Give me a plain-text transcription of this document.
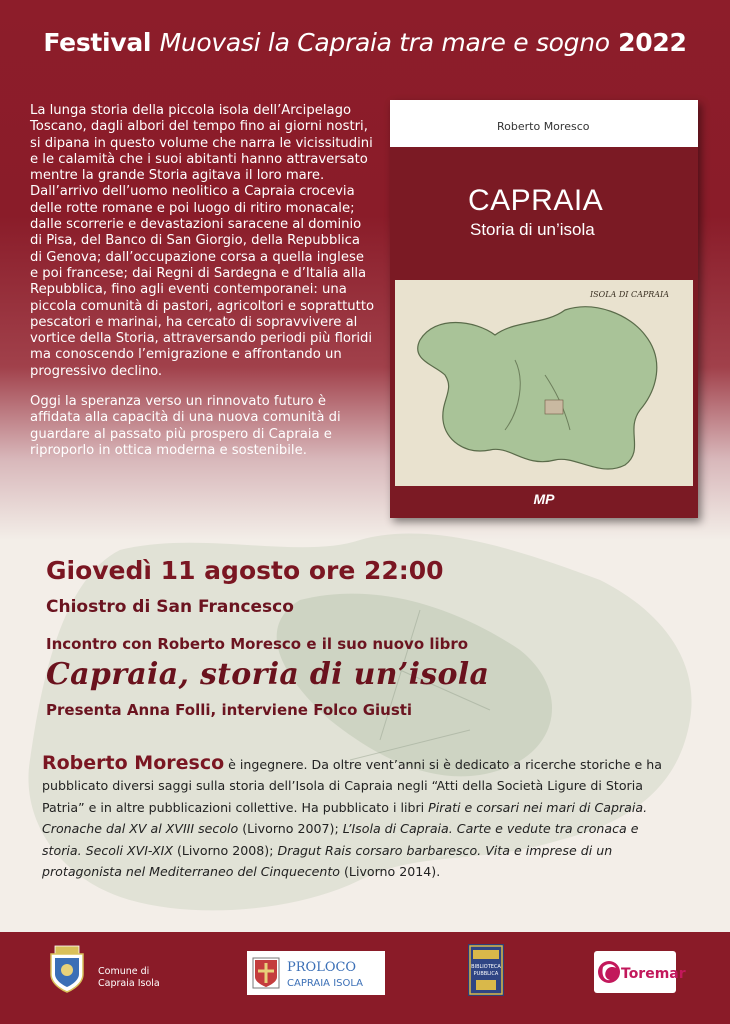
Festival Muovasi la Capraia tra mare e sogno 2022

La lunga storia della piccola isola dell’Arcipelago Toscano, dagli albori del tempo fino ai giorni nostri, si dipana in questo volume che narra le vicissitudini e le calamità che i suoi abitanti hanno attraversato mentre la grande Storia agitava il loro mare. Dall’arrivo dell’uomo neolitico a Capraia crocevia delle rotte romane e poi luogo di ritiro monacale; dalle scorrerie e devastazioni saracene al dominio di Pisa, del Banco di San Giorgio, della Repubblica di Genova; dall’occupazione corsa a quella inglese e poi francese; dai Regni di Sardegna e d’Italia alla Repubblica, fino agli eventi contemporanei: una piccola comunità di pastori, agricoltori e soprattutto pescatori e marinai, ha cercato di sopravvivere al vortice della Storia, attraversando periodi più floridi ma conoscendo l’emigrazione e affrontando un progressivo declino.

Oggi la speranza verso un rinnovato futuro è affidata alla capacità di una nuova comunità di guardare al passato più prospero di Capraia e riproporlo in ottica moderna e sostenibile.

Roberto Moresco
CAPRAIA
Storia di un’isola
ISOLA DI CAPRAIA
MP
Giovedì 11 agosto ore 22:00
Chiostro di San Francesco
Incontro con Roberto Moresco e il suo nuovo libro
Capraia, storia di un’isola
Presenta Anna Folli, interviene Folco Giusti
Roberto Moresco è ingegnere. Da oltre vent’anni si è dedicato a ricerche storiche e ha pubblicato diversi saggi sulla storia dell’Isola di Capraia negli “Atti della Società Ligure di Storia Patria” e in altre pubblicazioni collettive. Ha pubblicato i libri Pirati e corsari nei mari di Capraia. Cronache dal XV al XVIII secolo (Livorno 2007); L’Isola di Capraia. Carte e vedute tra cronaca e storia. Secoli XVI-XIX (Livorno 2008); Dragut Rais corsaro barbaresco. Vita e imprese di un protagonista nel Mediterraneo del Cinquecento (Livorno 2014).
Comune di
Capraia Isola
PROLOCO
CAPRAIA ISOLA
BIBLIOTECA
PUBBLICA	Toremar
